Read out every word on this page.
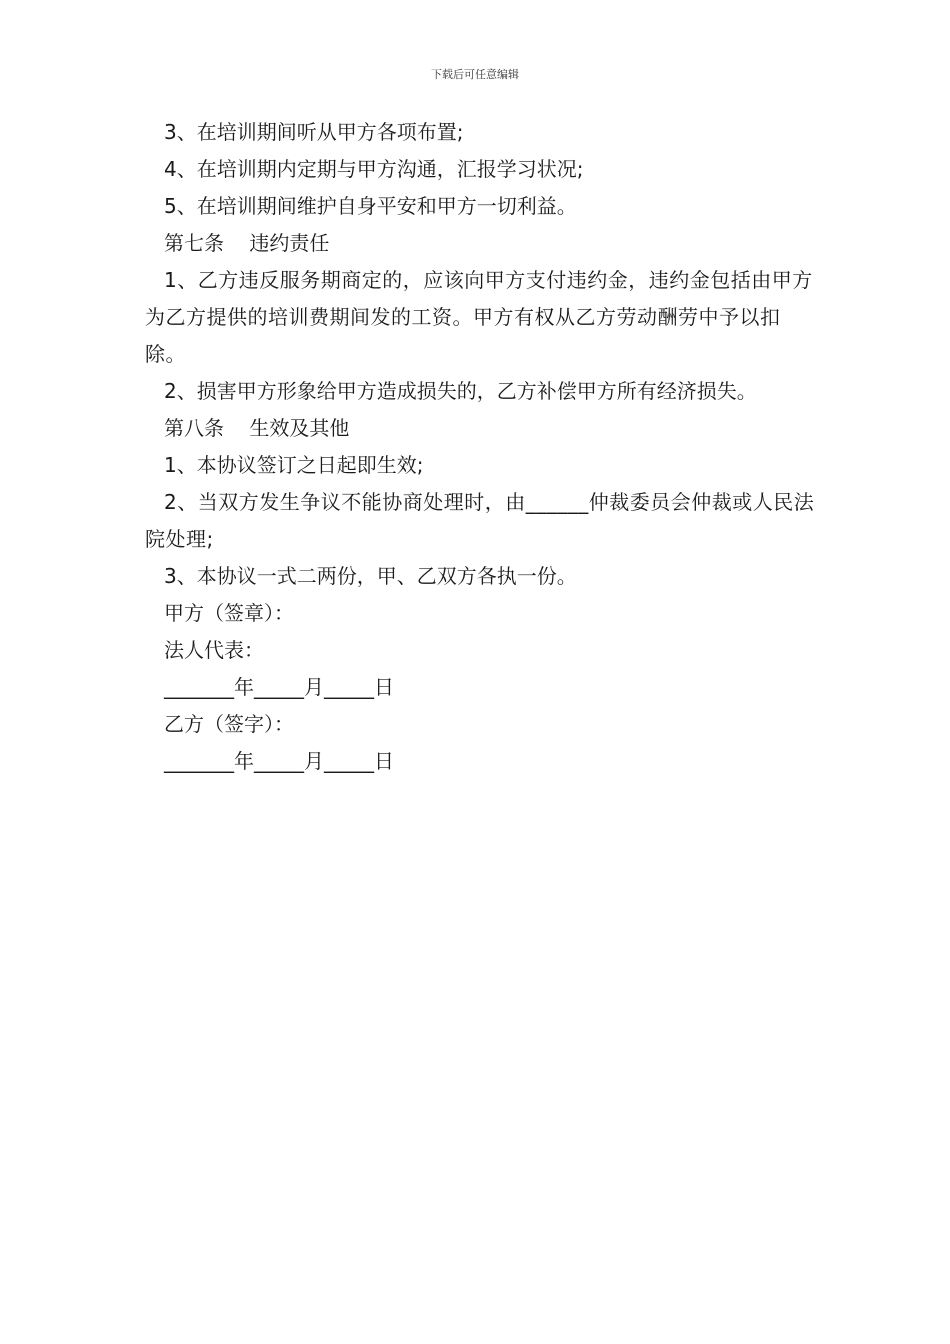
下载后可任意编辑

3、在培训期间听从甲方各项布置;

4、在培训期内定期与甲方沟通，汇报学习状况;

5、在培训期间维护自身平安和甲方一切利益。

第七条    违约责任

1、乙方违反服务期商定的，应该向甲方支付违约金，违约金包括由甲方为乙方提供的培训费期间发的工资。甲方有权从乙方劳动酬劳中予以扣除。

2、损害甲方形象给甲方造成损失的，乙方补偿甲方所有经济损失。

第八条    生效及其他

1、本协议签订之日起即生效;

2、当双方发生争议不能协商处理时，由______仲裁委员会仲裁或人民法院处理;

3、本协议一式二两份，甲、乙双方各执一份。

甲方（签章）：

法人代表：

_______年_____月_____日

乙方（签字）：

_______年_____月_____日
